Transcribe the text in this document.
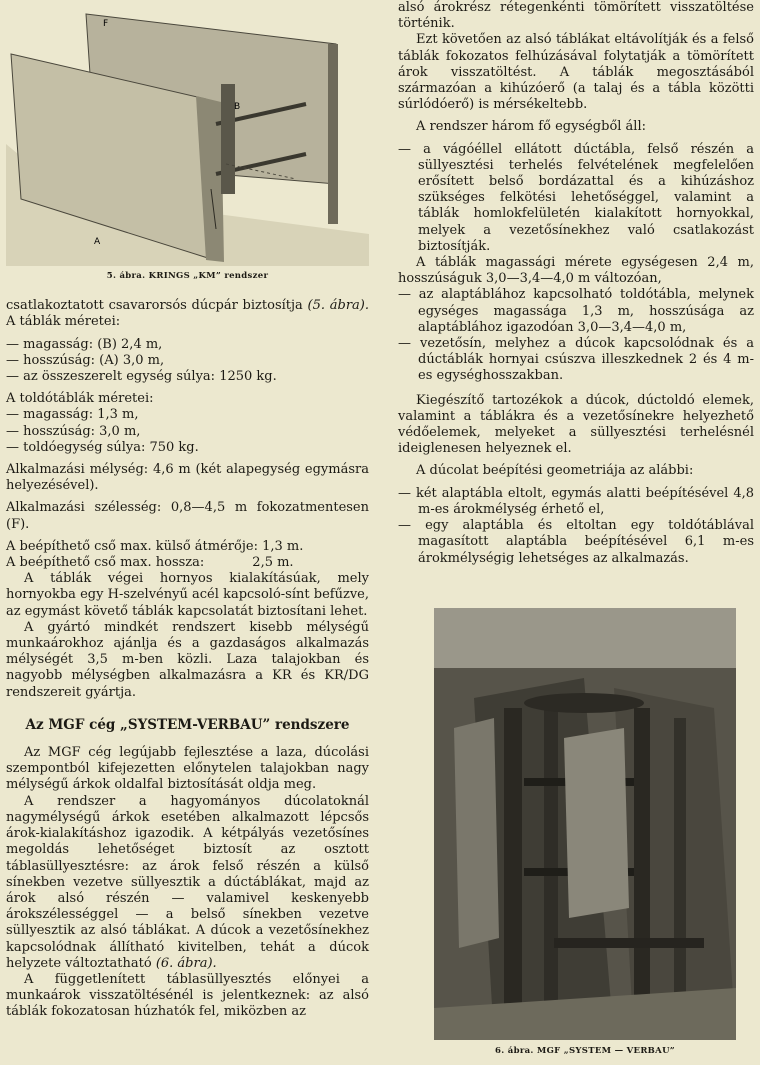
F
B
A

5. ábra. KRINGS „KM” rendszer

csatlakoztatott csavarorsós dúcpár biztosítja (5. ábra). A táblák méretei:

— magasság: (B) 2,4 m,

— hosszúság: (A) 3,0 m,

— az összeszerelt egység súlya: 1250 kg.

A toldótáblák méretei:

— magasság: 1,3 m,

— hosszúság: 3,0 m,

— toldóegység súlya: 750 kg.

Alkalmazási mélység: 4,6 m (két alapegység egymásra helyezésével).

Alkalmazási szélesség: 0,8—4,5 m fokozatmentesen (F).

A beépíthető cső max. külső átmérője: 1,3 m.

A beépíthető cső max. hossza:	2,5 m.

A táblák végei hornyos kialakításúak, mely hornyokba egy H-szelvényű acél kapcsoló-sínt befűzve, az egymást követő táblák kapcsolatát biztosítani lehet.

A gyártó mindkét rendszert kisebb mélységű munkaárokhoz ajánlja és a gazdaságos alkalmazás mélységét 3,5 m-ben közli. Laza talajokban és nagyobb mélységben alkalmazásra a KR és KR/DG rendszereit gyártja.

Az MGF cég „SYSTEM-VERBAU” rendszere

Az MGF cég legújabb fejlesztése a laza, dúcolási szempontból kifejezetten előnytelen talajokban nagy mélységű árkok oldalfal biztosítását oldja meg.

A rendszer a hagyományos dúcolatoknál nagymélységű árkok esetében alkalmazott lépcsős árok-kialakításhoz igazodik. A kétpályás vezetősínes megoldás lehetőséget biztosít az osztott táblasüllyesztésre: az árok felső részén a külső sínekben vezetve süllyesztik a dúctáblákat, majd az árok alsó részén — valamivel keskenyebb árokszélességgel — a belső sínekben vezetve süllyesztik az alsó táblákat. A dúcok a vezetősínekhez kapcsolódnak állítható kivitelben, tehát a dúcok helyzete változtatható (6. ábra).

A függetlenített táblasüllyesztés előnyei a munkaárok visszatöltésénél is jelentkeznek: az alsó táblák fokozatosan húzhatók fel, miközben az

alsó árokrész rétegenkénti tömörített visszatöltése történik.

Ezt követően az alsó táblákat eltávolítják és a felső táblák fokozatos felhúzásával folytatják a tömörített árok visszatöltést. A táblák megosztásából származóan a kihúzóerő (a talaj és a tábla közötti súrlódóerő) is mérsékeltebb.

A rendszer három fő egységből áll:

— a vágóéllel ellátott dúctábla, felső részén a süllyesztési terhelés felvételének megfelelően erősített belső bordázattal és a kihúzáshoz szükséges felkötési lehetőséggel, valamint a táblák homlokfelületén kialakított hornyokkal, melyek a vezetősínekhez való csatlakozást biztosítják.

A táblák magassági mérete egységesen 2,4 m, hosszúságuk 3,0—3,4—4,0 m változóan,

— az alaptáblához kapcsolható toldótábla, melynek egységes magassága 1,3 m, hosszúsága az alaptáblához igazodóan 3,0—3,4—4,0 m,

— vezetősín, melyhez a dúcok kapcsolódnak és a dúctáblák hornyai csúszva illeszkednek 2 és 4 m-es egységhosszakban.

Kiegészítő tartozékok a dúcok, dúctoldó elemek, valamint a táblákra és a vezetősínekre helyezhető védőelemek, melyeket a süllyesztési terhelésnél ideiglenesen helyeznek el.

A dúcolat beépítési geometriája az alábbi:

— két alaptábla eltolt, egymás alatti beépítésével 4,8 m-es árokmélység érhető el,

— egy alaptábla és eltoltan egy toldótáblával magasított alaptábla beépítésével 6,1 m-es árokmélységig lehetséges az alkalmazás.

6. ábra. MGF „SYSTEM — VERBAU”
